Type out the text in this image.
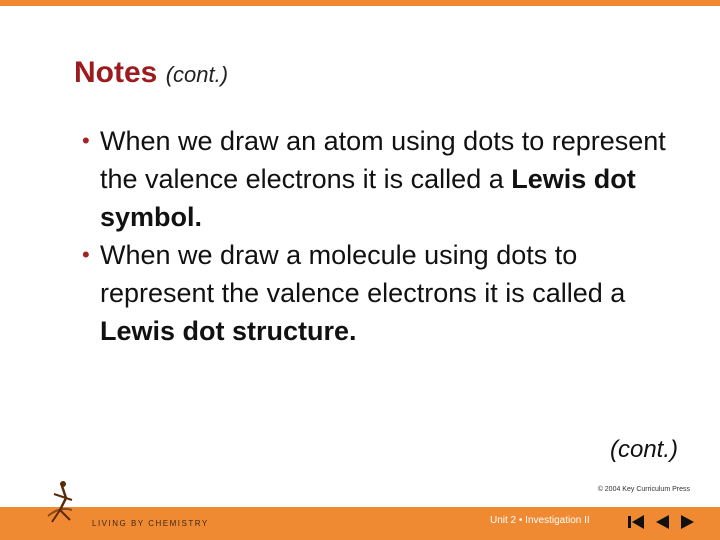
Notes (cont.)

• When we draw an atom using dots to represent the valence electrons it is called a Lewis dot symbol.

• When we draw a molecule using dots to represent the valence electrons it is called a Lewis dot structure.

(cont.)
© 2004 Key Curriculum Press
LIVING BY CHEMISTRY	Unit 2 • Investigation II
